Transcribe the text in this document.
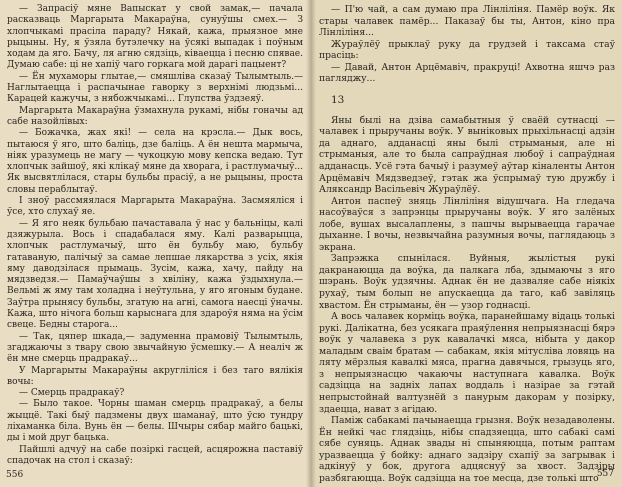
— Запрасіў мяне Вапыскат у свой замак,— пачала расказваць Маргарыта Макараўна, сунуўшы смех.— З хлопчыкамі прасіла параду? Някай, кажа, прыязное мне рыцыны. Ну, я ўзяла бутэлечку на ўсякі выпадак і поўным ходам да яго. Бачу, ля агню сядзіць, ківаецца і песню спявае. Думаю сабе: ці не хапіў чаго горкага мой дарагі пацыент?

— Ён мухаморы глытае,— смяшліва сказаў Тылымтыль.— Наглытаецца і распачынае гаворку з верхнімі людзьмі... Карацей кажучы, з нябожчыкамі... Глупства ўздзеяў.

Маргарыта Макараўна ўзмахнула рукамі, нібы гоначы ад сабе назойлівых:

— Божачка, жах які! — села на крэсла.— Дык вось, пытаюся ў яго, што баліць, дзе баліць. А ён нешта мармыча, ніяк уразумець не магу — чукоцкую мову кепска ведаю. Тут хлопчык зайшоў, які клікаў мяне да хворага, і растлумачыў... Як высвятлілася, стары бульбы прасіў, а не рыцыны, проста словы пераблытаў.

І зноў рассмяялася Маргарыта Макараўна. Засмяяліся і ўсе, хто слухаў яе.

— Я яго неяк бульбаю пачаставала ў нас у бальніцы, калі дзяжурыла. Вось і спадабалася яму. Калі разварыцца, хлопчык растлумачыў, што ён бульбу маю, бульбу гатаваную, палічыў за самае лепшае лякарства з усіх, якія яму даводзілася прымаць. Зусім, кажа, хачу, пайду на мядзведзя.— Памаўчаўшы з хвіліну, кажа ўздыхнула.— Вельмі ж яму там холадна і неўтульна, у яго ягоным будане. Заўтра прынясу бульбы, згатую на агні, самога наесці ўначы. Кажа, што нічога больш карыснага для здароўя няма на ўсім свеце. Бедны старога...

— Так, цяпер шкада,— задуменна прамовіў Тылымтыль, згаджаючы з твару свою звычайную ўсмешку.— А неаліч ж ён мне смерць прадракаў...

У Маргарыты Макараўны акругліліся і без таго вялікія вочы:

— Смерць прадракаў?

— Было такое. Чорны шаман смерць прадракаў, а белы жыццё. Такі быў падзмены двух шаманаў, што ўсю тундру ліхаманка біла. Вунь ён — белы. Шчыры сябар майго бацькі, ды і мой друг бацька.

Пайшлі адчуў на сабе позіркі гасцей, асцярожна паставіў спадочак на стол і сказаў:

556

— П'ю чай, а сам думаю пра Лінліліня. Памёр воўк. Як стары чалавек памёр... Паказаў бы ты, Антон, кіно пра Лінліліня...

Жураўлёў прыклаў руку да грудзей і таксама стаў прасіць:

— Давай, Антон Арцёмавіч, пракруці! Ахвотна яшчэ раз пагляджу...

13

Яны былі на дзіва самабытныя ў сваёй сутнасці — чалавек і прыручаны воўк. У выніковых прыхільнасці адзін да аднаго, адданасці яны былі стрыманыя, але ні стрыманыя, але то была сапраўдная любоў і сапраўдная адданасць. Усё гэта бачыў і разумеў аўтар кіналенты Антон Арцёмавіч Мядзведзеў, гэтак жа ўспрымаў тую дружбу і Аляксандр Васільевіч Жураўлёў.

Антон паспеў зняць Лінліліня відушчага. На гледача насоўваўся з запрэнцы прыручаны воўк. У яго залёных лобе, вушах высалаплены, з пашчы вырываецца гарачае дыханне. І вочы, незвычайна разумныя вочы, паглядаюць з экрана.

Запрэжка спынілася. Вуйныя, жылістыя рукі дакранаюцца да воўка, да палкага лба, здымаючы з яго шэрань. Воўк удзячны. Аднак ён не дазваляе сабе ніякіх рухаў, тым болып не апускаецца да таго, каб завіляць хвастом. Ён стрыманы, ён — узор годнасці.

А вось чалавек корміць воўка, паранейшаму відаць толькі рукі. Далікатна, без усякага праяўлення непрыязнасці бярэ воўк у чалавека з рук кавалачкі мяса, нібыта у дакор маладым сваім братам — сабакам, якія мітусліва ловяць на ляту мёрзлыя кавалкі мяса, прагна давячыся, грызуць яго, з непрыязнасцю чакаючы наступнага кавалка. Воўк садзіцца на задніх лапах воддаль і назірае за гэтай непрыстойнай валтузнёй з панурым дакорам у позірку, здаецца, нават з агідаю.

Паміж сабакамі пачынаецца грызня. Воўк незадаволены. Ён нейкі час глядзіць, нібы спадзяецца, што сабакі самі сябе суняць. Аднак звады ні спыняюцца, потым раптам уразваецца ў бойку: аднаго задзіру схапіў за загрывак і адкінуў у бок, другога адцяснуў за хвост. Задзіры разбягаюцца. Воўк садзіцца на тое месца, дзе толькі што

557
